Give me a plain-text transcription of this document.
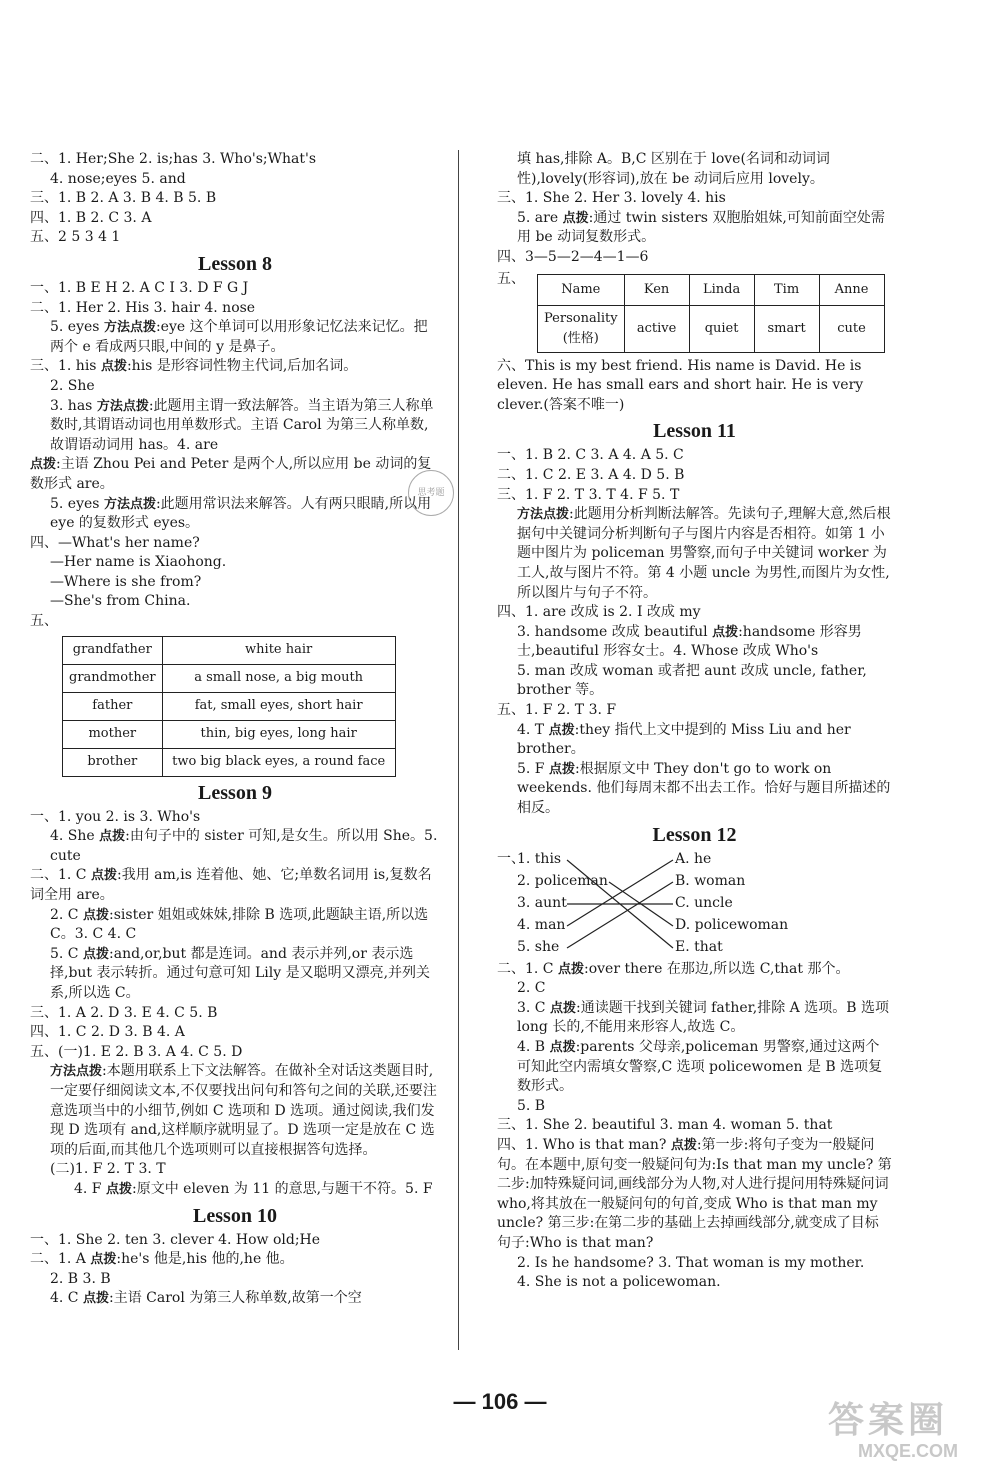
二、1. Her;She 2. is;has 3. Who's;What's
4. nose;eyes 5. and
三、1. B 2. A 3. B 4. B 5. B
四、1. B 2. C 3. A
五、2 5 3 4 1
Lesson 8
一、1. B E H 2. A C I 3. D F G J
二、1. Her 2. His 3. hair 4. nose
5. eyes 方法点拨:eye 这个单词可以用形象记忆法来记忆。把两个 e 看成两只眼,中间的 y 是鼻子。
三、1. his 点拨:his 是形容词性物主代词,后加名词。
2. She
3. has 方法点拨:此题用主谓一致法解答。当主语为第三人称单数时,其谓语动词也用单数形式。主语 Carol 为第三人称单数,故谓语动词用 has。4. are
点拨:主语 Zhou Pei and Peter 是两个人,所以应用 be 动词的复数形式 are。
5. eyes 方法点拨:此题用常识法来解答。人有两只眼睛,所以用 eye 的复数形式 eyes。
四、—What's her name?
—Her name is Xiaohong.
—Where is she from?
—She's from China.
五、
grandfather	white hair
grandmother	a small nose, a big mouth
father	fat, small eyes, short hair
mother	thin, big eyes, long hair
brother	two big black eyes, a round face
Lesson 9
一、1. you 2. is 3. Who's
4. She 点拨:由句子中的 sister 可知,是女生。所以用 She。5. cute
二、1. C 点拨:我用 am,is 连着他、她、它;单数名词用 is,复数名词全用 are。
2. C 点拨:sister 姐姐或妹妹,排除 B 选项,此题缺主语,所以选 C。3. C 4. C
5. C 点拨:and,or,but 都是连词。and 表示并列,or 表示选择,but 表示转折。通过句意可知 Lily 是又聪明又漂亮,并列关系,所以选 C。
三、1. A 2. D 3. E 4. C 5. B
四、1. C 2. D 3. B 4. A
五、(一)1. E 2. B 3. A 4. C 5. D
方法点拨:本题用联系上下文法解答。在做补全对话这类题目时,一定要仔细阅读文本,不仅要找出问句和答句之间的关联,还要注意选项当中的小细节,例如 C 选项和 D 选项。通过阅读,我们发现 D 选项有 and,这样顺序就明显了。D 选项一定是放在 C 选项的后面,而其他几个选项则可以直接根据答句选择。
(二)1. F 2. T 3. T
4. F 点拨:原文中 eleven 为 11 的意思,与题干不符。5. F
Lesson 10
一、1. She 2. ten 3. clever 4. How old;He
二、1. A 点拨:he's 他是,his 他的,he 他。
2. B 3. B
4. C 点拨:主语 Carol 为第三人称单数,故第一个空
思考题
填 has,排除 A。B,C 区别在于 love(名词和动词词性),lovely(形容词),放在 be 动词后应用 lovely。
三、1. She 2. Her 3. lovely 4. his
5. are 点拨:通过 twin sisters 双胞胎姐妹,可知前面空处需用 be 动词复数形式。
四、3—5—2—4—1—6
五、
Name	Ken	Linda	Tim	Anne
Personality (性格)	active	quiet	smart	cute
六、This is my best friend. His name is David. He is eleven. He has small ears and short hair. He is very clever.(答案不唯一)
Lesson 11
一、1. B 2. C 3. A 4. A 5. C
二、1. C 2. E 3. A 4. D 5. B
三、1. F 2. T 3. T 4. F 5. T
方法点拨:此题用分析判断法解答。先读句子,理解大意,然后根据句中关键词分析判断句子与图片内容是否相符。如第 1 小题中图片为 policeman 男警察,而句子中关键词 worker 为工人,故与图片不符。第 4 小题 uncle 为男性,而图片为女性,所以图片与句子不符。
四、1. are 改成 is 2. I 改成 my
3. handsome 改成 beautiful 点拨:handsome 形容男士,beautiful 形容女士。4. Whose 改成 Who's
5. man 改成 woman 或者把 aunt 改成 uncle, father, brother 等。
五、1. F 2. T 3. F
4. T 点拨:they 指代上文中提到的 Miss Liu and her brother。
5. F 点拨:根据原文中 They don't go to work on weekends. 他们每周末都不出去工作。恰好与题目所描述的相反。
Lesson 12
一、
1. this
2. policeman
3. aunt
4. man
5. she
A. he
B. woman
C. uncle
D. policewoman
E. that
二、1. C 点拨:over there 在那边,所以选 C,that 那个。
2. C
3. C 点拨:通读题干找到关键词 father,排除 A 选项。B 选项 long 长的,不能用来形容人,故选 C。
4. B 点拨:parents 父母亲,policeman 男警察,通过这两个可知此空内需填女警察,C 选项 policewomen 是 B 选项复数形式。
5. B
三、1. She 2. beautiful 3. man 4. woman 5. that
四、1. Who is that man? 点拨:第一步:将句子变为一般疑问句。在本题中,原句变一般疑问句为:Is that man my uncle? 第二步:加特殊疑问词,画线部分为人物,对人进行提问用特殊疑问词 who,将其放在一般疑问句的句首,变成 Who is that man my uncle? 第三步:在第二步的基础上去掉画线部分,就变成了目标句子:Who is that man?
2. Is he handsome? 3. That woman is my mother.
4. She is not a policewoman.
— 106 —	答案圈
MXQE.COM
